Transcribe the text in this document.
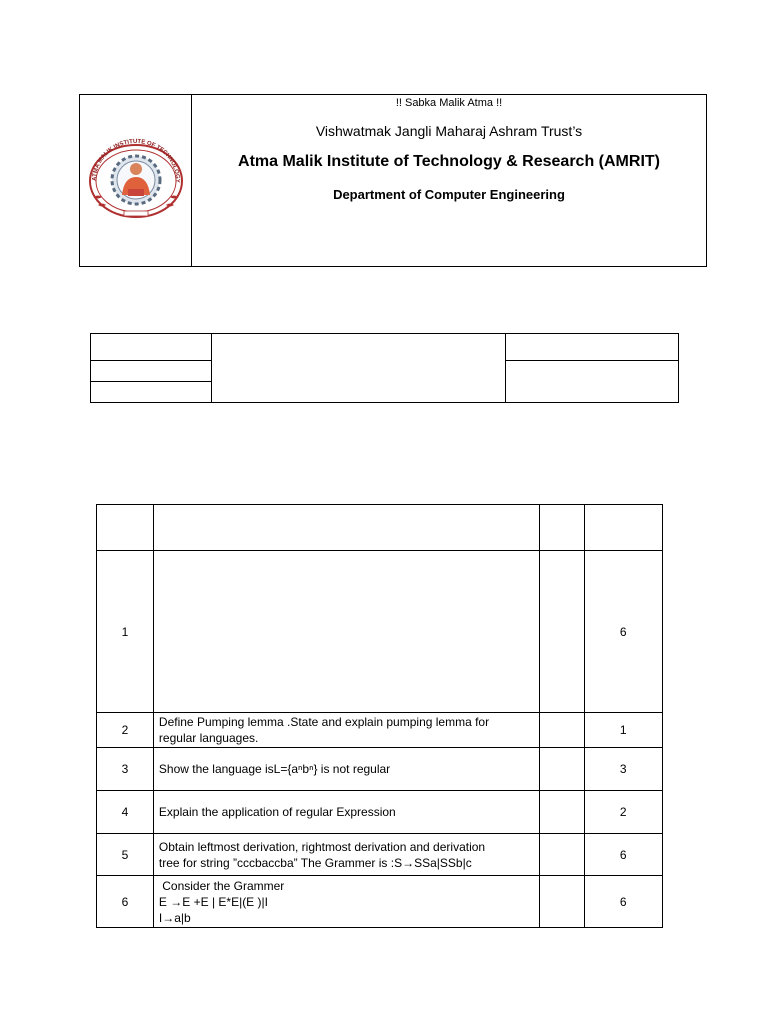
ATMA MALIK INSTITUTE OF TECHNOLOGY

!! Sabka Malik Atma !!
Vishwatmak Jangli Maharaj Ashram Trust’s
Atma Malik Institute of Technology & Research (AMRIT)
Department of Computer Engineering

1			6
2	Define Pumping lemma .State and explain pumping lemma for
regular languages.		1
3	Show the language isL={aⁿbⁿ} is not regular		3
4	Explain the application of regular Expression		2
5	Obtain leftmost derivation, rightmost derivation and derivation
tree for string ”cccbaccba” The Grammer is :S→SSa|SSb|c		6
6	Consider the Grammer
E →E +E | E*E|(E )|I
I→a|b		6
